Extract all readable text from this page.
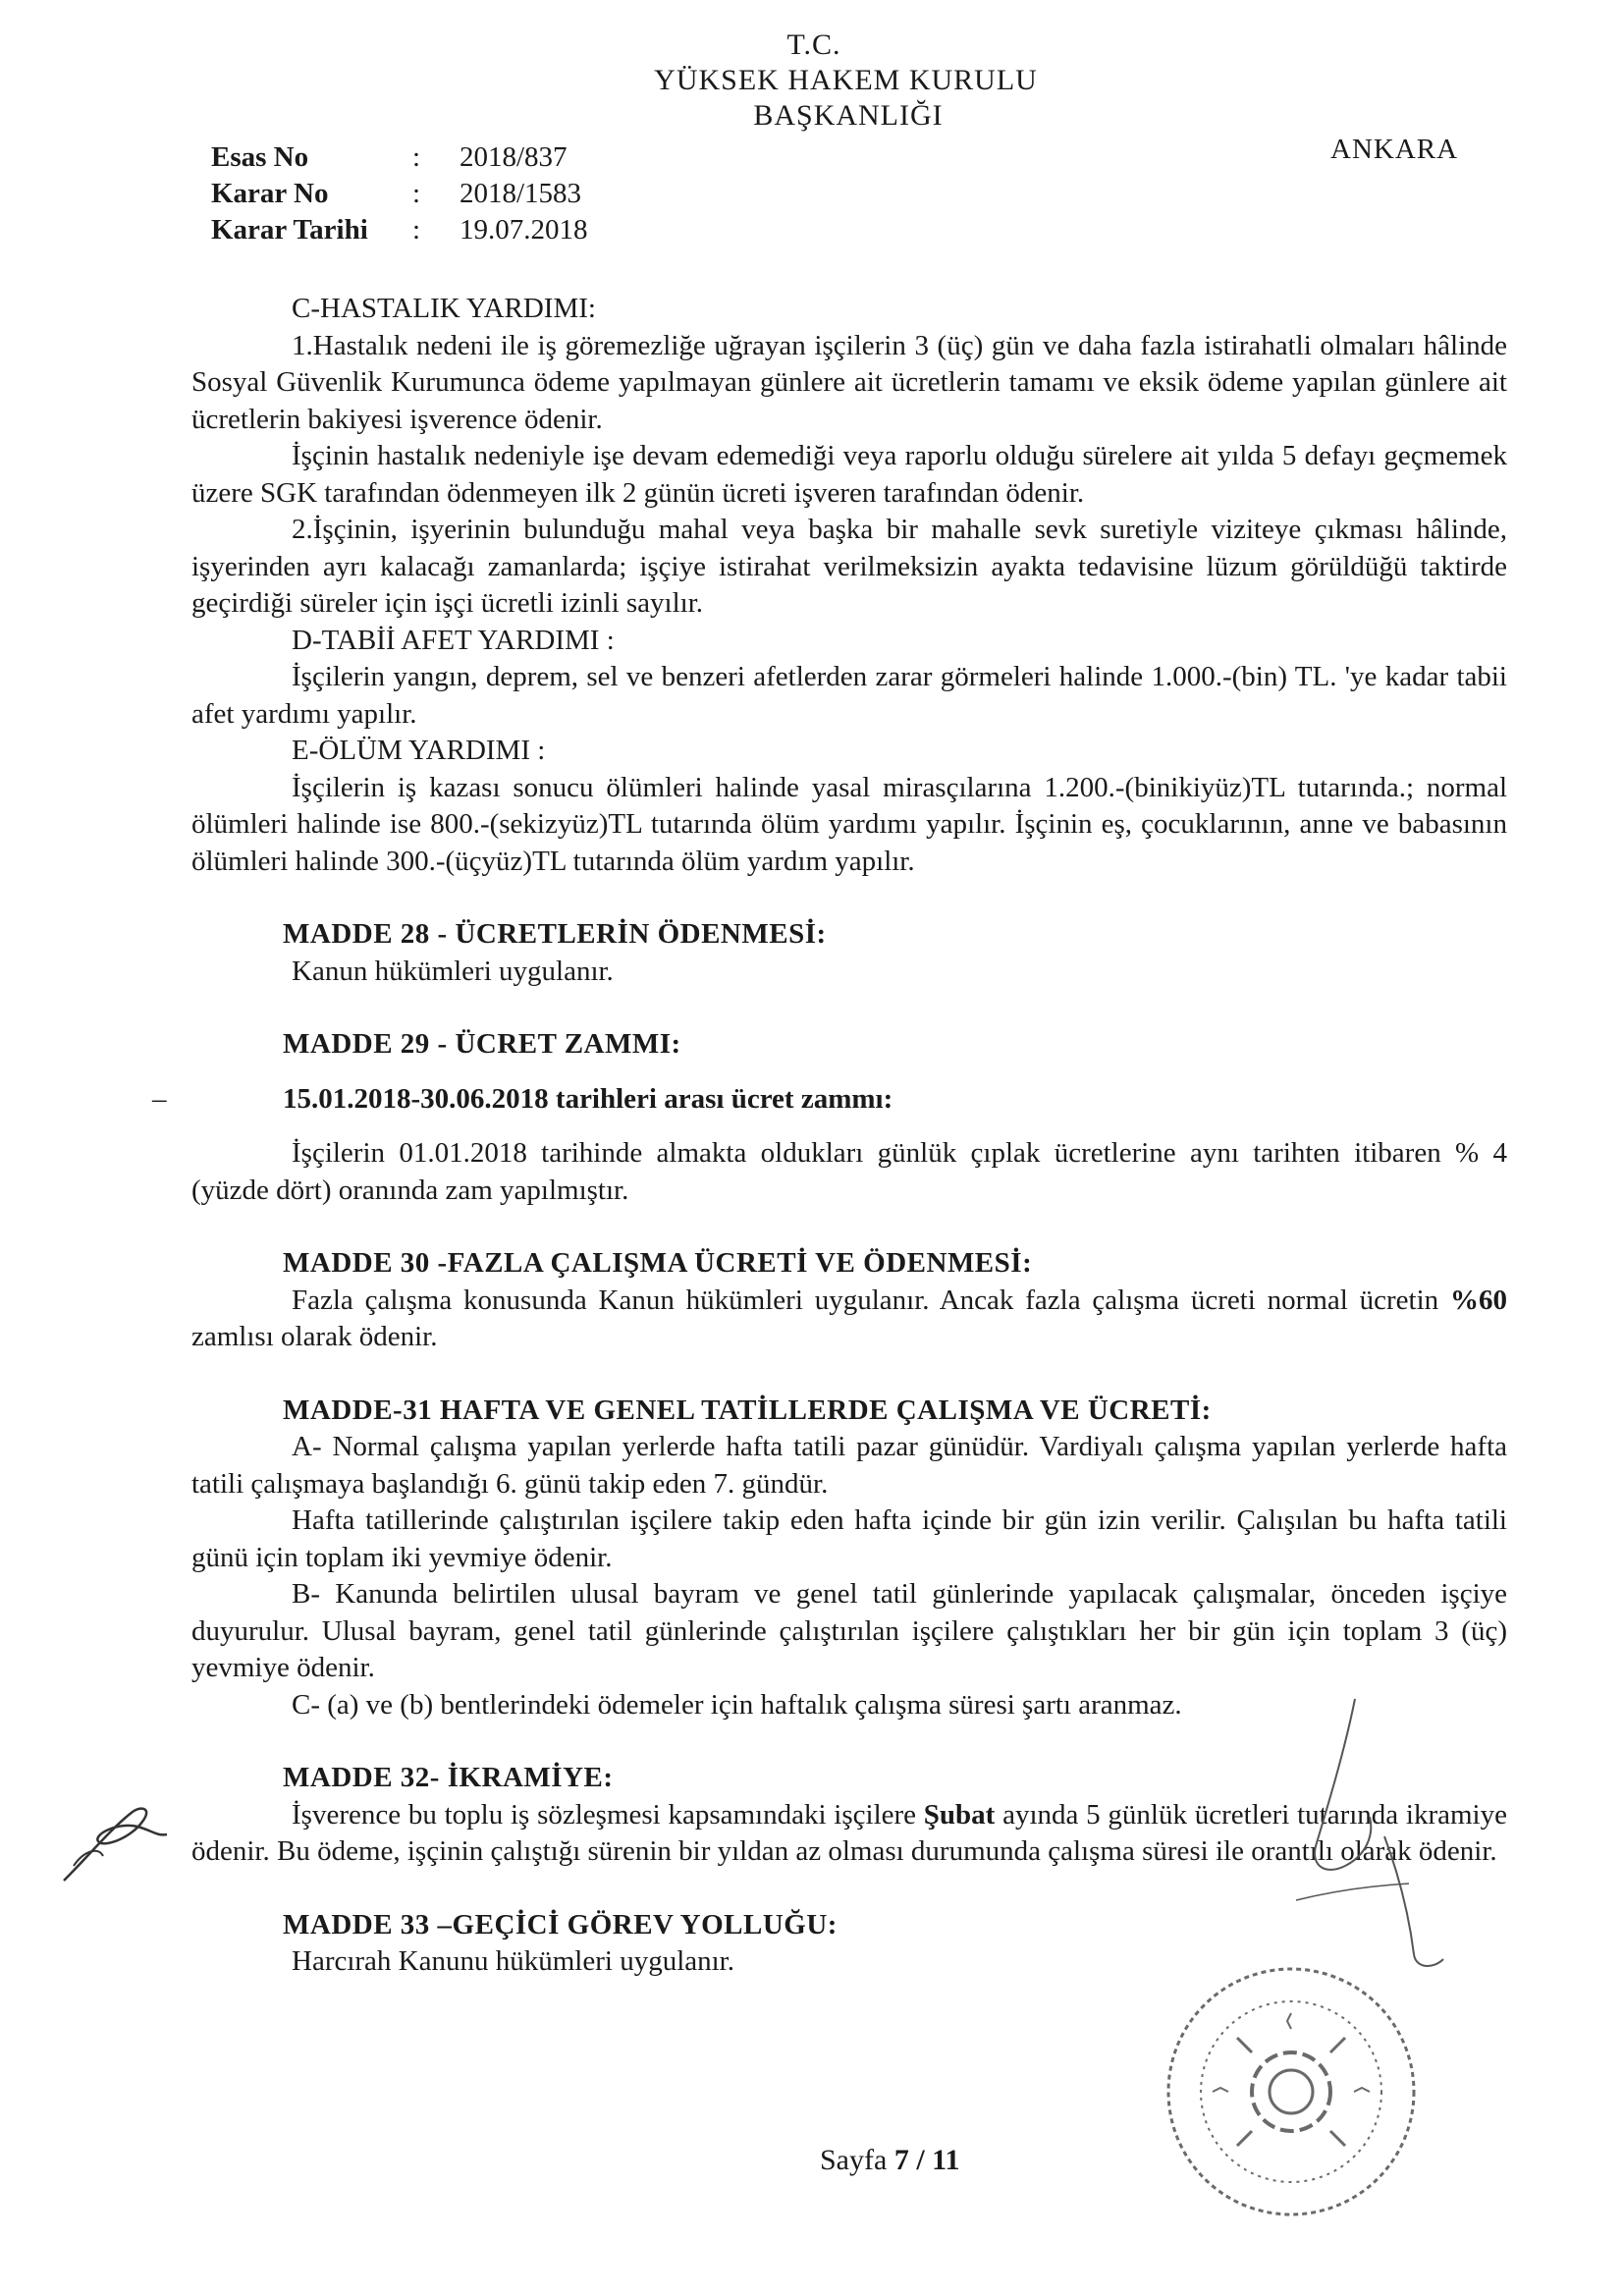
T.C.
YÜKSEK HAKEM KURULU
BAŞKANLIĞI
Esas No	:	2018/837
Karar No	:	2018/1583
Karar Tarihi	:	19.07.2018
ANKARA

C-HASTALIK YARDIMI:

1.Hastalık nedeni ile iş göremezliğe uğrayan işçilerin 3 (üç) gün ve daha fazla istirahatli olmaları hâlinde Sosyal Güvenlik Kurumunca ödeme yapılmayan günlere ait ücretlerin tamamı ve eksik ödeme yapılan günlere ait ücretlerin bakiyesi işverence ödenir.

İşçinin hastalık nedeniyle işe devam edemediği veya raporlu olduğu sürelere ait yılda 5 defayı geçmemek üzere SGK tarafından ödenmeyen ilk 2 günün ücreti işveren tarafından ödenir.

2.İşçinin, işyerinin bulunduğu mahal veya başka bir mahalle sevk suretiyle viziteye çıkması hâlinde, işyerinden ayrı kalacağı zamanlarda; işçiye istirahat verilmeksizin ayakta tedavisine lüzum görüldüğü taktirde geçirdiği süreler için işçi ücretli izinli sayılır.

D-TABİİ AFET YARDIMI :

İşçilerin yangın, deprem, sel ve benzeri afetlerden zarar görmeleri halinde 1.000.-(bin) TL. 'ye kadar tabii afet yardımı yapılır.

E-ÖLÜM YARDIMI :

İşçilerin iş kazası sonucu ölümleri halinde yasal mirasçılarına 1.200.-(binikiyüz)TL tutarında.; normal ölümleri halinde ise 800.-(sekizyüz)TL tutarında ölüm yardımı yapılır. İşçinin eş, çocuklarının, anne ve babasının ölümleri halinde 300.-(üçyüz)TL tutarında ölüm yardım yapılır.

MADDE 28 - ÜCRETLERİN ÖDENMESİ:

Kanun hükümleri uygulanır.

MADDE 29 - ÜCRET ZAMMI:

–	15.01.2018-30.06.2018 tarihleri arası ücret zammı:

İşçilerin 01.01.2018 tarihinde almakta oldukları günlük çıplak ücretlerine aynı tarihten itibaren % 4 (yüzde dört) oranında zam yapılmıştır.

MADDE 30 -FAZLA ÇALIŞMA ÜCRETİ VE ÖDENMESİ:

Fazla çalışma konusunda Kanun hükümleri uygulanır. Ancak fazla çalışma ücreti normal ücretin %60 zamlısı olarak ödenir.

MADDE-31 HAFTA VE GENEL TATİLLERDE ÇALIŞMA VE ÜCRETİ:

A- Normal çalışma yapılan yerlerde hafta tatili pazar günüdür. Vardiyalı çalışma yapılan yerlerde hafta tatili çalışmaya başlandığı 6. günü takip eden 7. gündür.

Hafta tatillerinde çalıştırılan işçilere takip eden hafta içinde bir gün izin verilir. Çalışılan bu hafta tatili günü için toplam iki yevmiye ödenir.

B- Kanunda belirtilen ulusal bayram ve genel tatil günlerinde yapılacak çalışmalar, önceden işçiye duyurulur. Ulusal bayram, genel tatil günlerinde çalıştırılan işçilere çalıştıkları her bir gün için toplam 3 (üç) yevmiye ödenir.

C- (a) ve (b) bentlerindeki ödemeler için haftalık çalışma süresi şartı aranmaz.

MADDE 32- İKRAMİYE:

İşverence bu toplu iş sözleşmesi kapsamındaki işçilere Şubat ayında 5 günlük ücretleri tutarında ikramiye ödenir. Bu ödeme, işçinin çalıştığı sürenin bir yıldan az olması durumunda çalışma süresi ile orantılı olarak ödenir.

MADDE 33 –GEÇİCİ GÖREV YOLLUĞU:

Harcırah Kanunu hükümleri uygulanır.

Sayfa 7 / 11
